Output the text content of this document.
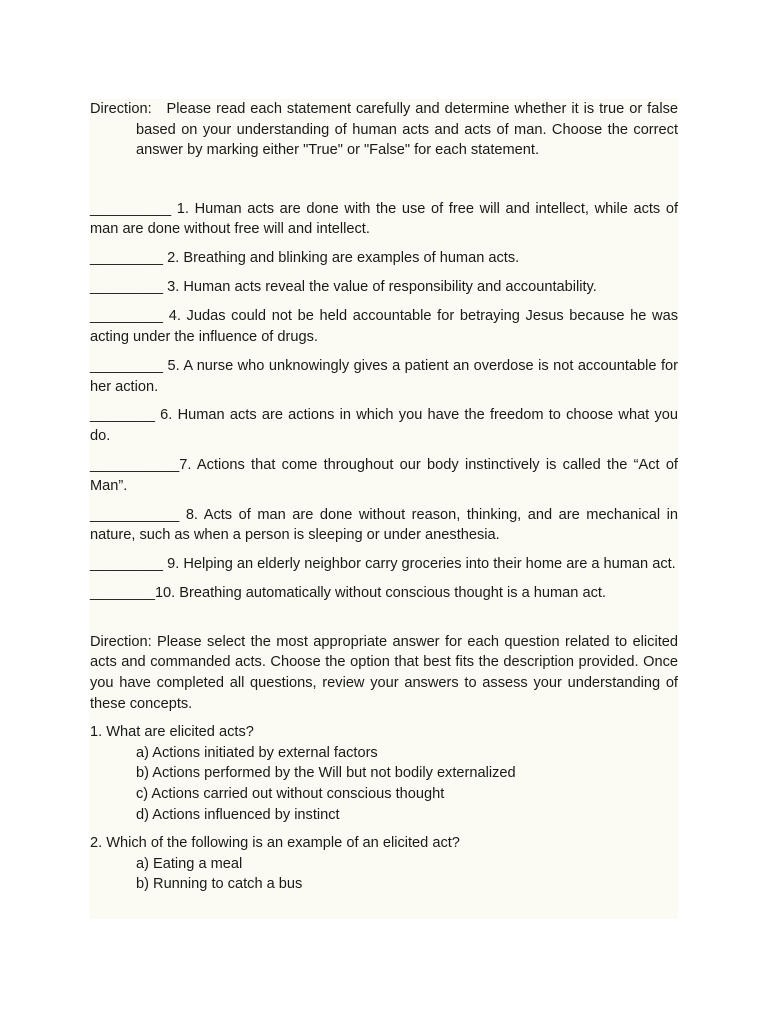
Direction: Please read each statement carefully and determine whether it is true or false based on your understanding of human acts and acts of man. Choose the correct answer by marking either "True" or "False" for each statement.

__________ 1. Human acts are done with the use of free will and intellect, while acts of man are done without free will and intellect.

_________ 2. Breathing and blinking are examples of human acts.

_________ 3. Human acts reveal the value of responsibility and accountability.

_________ 4. Judas could not be held accountable for betraying Jesus because he was acting under the influence of drugs.

_________ 5. A nurse who unknowingly gives a patient an overdose is not accountable for her action.

________ 6. Human acts are actions in which you have the freedom to choose what you do.

___________7. Actions that come throughout our body instinctively is called the “Act of Man”.

___________ 8. Acts of man are done without reason, thinking, and are mechanical in nature, such as when a person is sleeping or under anesthesia.

_________ 9. Helping an elderly neighbor carry groceries into their home are a human act.

________10. Breathing automatically without conscious thought is a human act.

Direction: Please select the most appropriate answer for each question related to elicited acts and commanded acts. Choose the option that best fits the description provided. Once you have completed all questions, review your answers to assess your understanding of these concepts.

1. What are elicited acts?

a) Actions initiated by external factors

b) Actions performed by the Will but not bodily externalized

c) Actions carried out without conscious thought

d) Actions influenced by instinct

2. Which of the following is an example of an elicited act?

a) Eating a meal

b) Running to catch a bus
